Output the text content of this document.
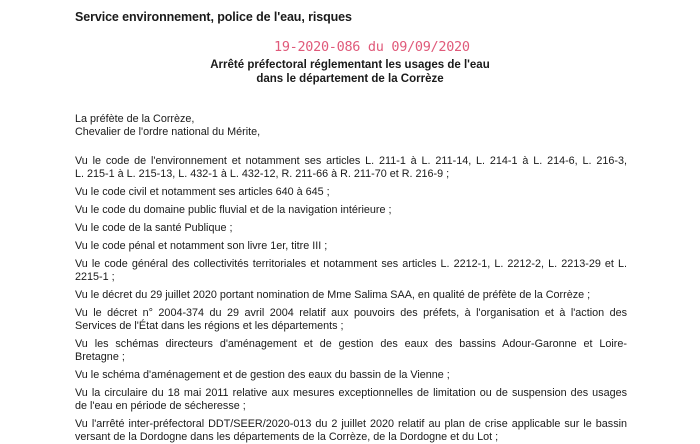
Service environnement, police de l'eau, risques
19-2020-086 du 09/09/2020
Arrêté préfectoral réglementant les usages de l'eau
dans le département de la Corrèze
La préfète de la Corrèze,
Chevalier de l'ordre national du Mérite,
Vu le code de l'environnement et notamment ses articles L. 211-1 à L. 211-14, L. 214-1 à L. 214-6, L. 216-3,
L. 215-1 à L. 215-13, L. 432-1 à L. 432-12, R. 211-66 à R. 211-70 et R. 216-9 ;
Vu le code civil et notamment ses articles 640 à 645 ;
Vu le code du domaine public fluvial et de la navigation intérieure ;
Vu le code de la santé Publique ;
Vu le code pénal et notamment son livre 1er, titre III ;
Vu le code général des collectivités territoriales et notamment ses articles L. 2212-1, L. 2212-2, L. 2213-29 et L.
2215-1 ;
Vu le décret du 29 juillet 2020 portant nomination de Mme Salima SAA, en qualité de préfète de la Corrèze ;
Vu le décret n° 2004-374 du 29 avril 2004 relatif aux pouvoirs des préfets, à l'organisation et à l'action des
Services de l'État dans les régions et les départements ;
Vu les schémas directeurs d'aménagement et de gestion des eaux des bassins Adour-Garonne et Loire-
Bretagne ;
Vu le schéma d'aménagement et de gestion des eaux du bassin de la Vienne ;
Vu la circulaire du 18 mai 2011 relative aux mesures exceptionnelles de limitation ou de suspension des usages
de l'eau en période de sécheresse ;
Vu l'arrêté inter-préfectoral DDT/SEER/2020-013 du 2 juillet 2020 relatif au plan de crise applicable sur le bassin
versant de la Dordogne dans les départements de la Corrèze, de la Dordogne et du Lot ;
